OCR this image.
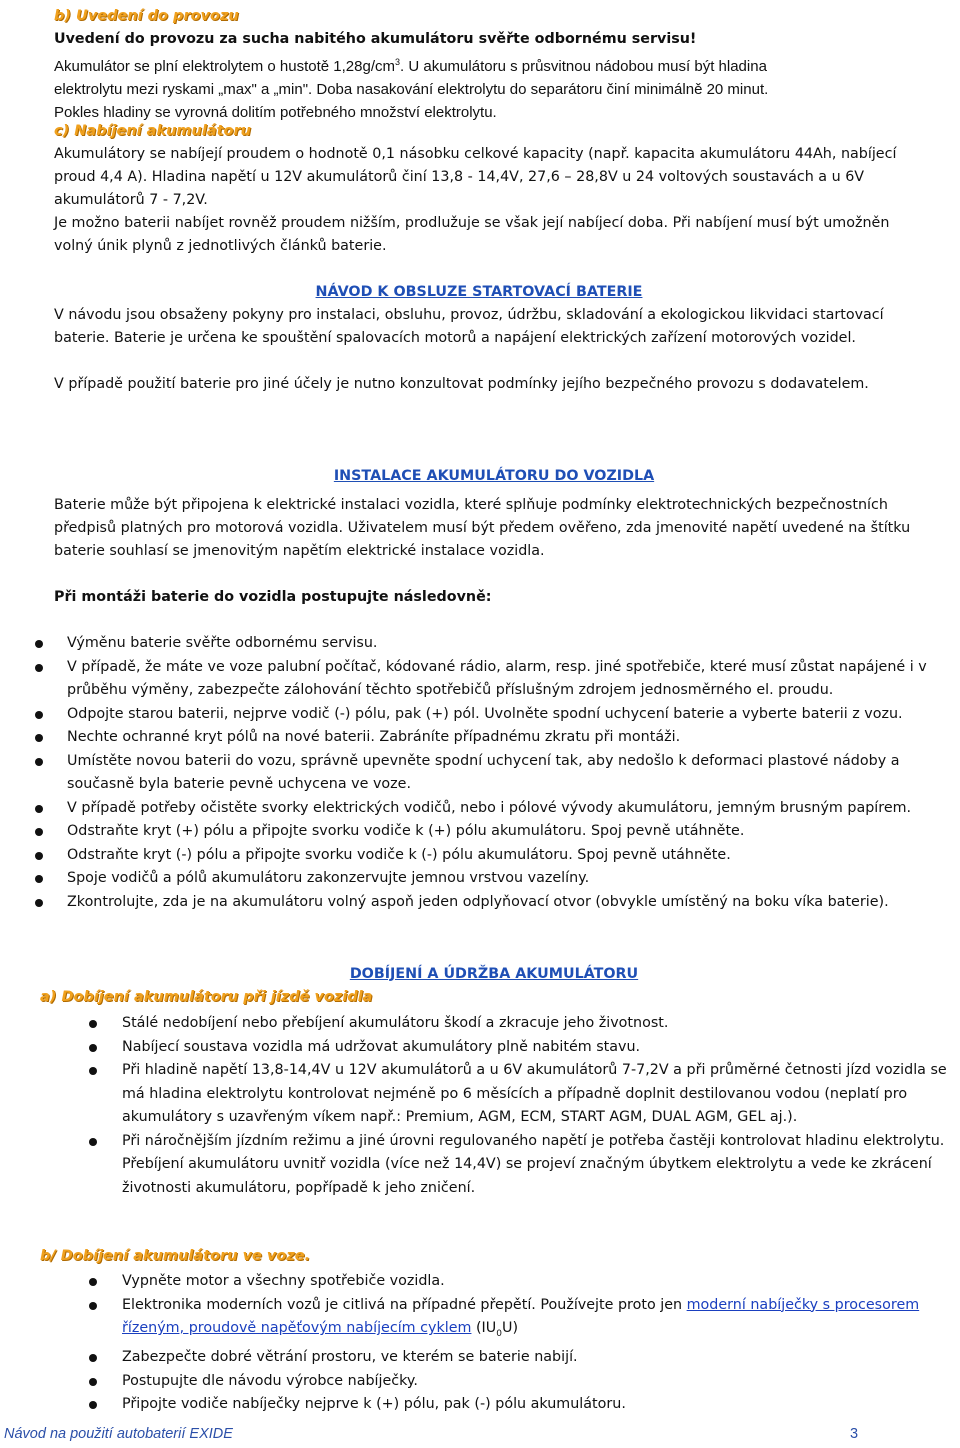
b) Uvedení do provozu

Uvedení do provozu za sucha nabitého akumulátoru svěřte odbornému servisu!

Akumulátor se plní elektrolytem o hustotě $1,28g/cm^3$. U akumulátoru s průsvitnou nádobou musí být hladina

elektrolytu mezi ryskami „max" a „min". Doba nasakování elektrolytu do separátoru činí minimálně 20 minut.

Pokles hladiny se vyrovná dolitím potřebného množství elektrolytu.

c) Nabíjení akumulátoru

Akumulátory se nabíjejí proudem o hodnotě 0,1 násobku celkové kapacity (např. kapacita akumulátoru 44Ah, nabíjecí proud 4,4 A). Hladina napětí u 12V akumulátorů činí 13,8 - 14,4V, 27,6 – 28,8V u 24 voltových soustavách a u 6V akumulátorů 7 - 7,2V.

Je možno baterii nabíjet rovněž proudem nižším, prodlužuje se však její nabíjecí doba. Při nabíjení musí být umožněn volný únik plynů z jednotlivých článků baterie.

NÁVOD K OBSLUZE STARTOVACÍ BATERIE

V návodu jsou obsaženy pokyny pro instalaci, obsluhu, provoz, údržbu, skladování a ekologickou likvidaci startovací baterie. Baterie je určena ke spouštění spalovacích motorů a napájení elektrických zařízení motorových vozidel.

V případě použití baterie pro jiné účely je nutno konzultovat podmínky jejího bezpečného provozu s dodavatelem.

INSTALACE AKUMULÁTORU DO VOZIDLA

Baterie může být připojena k elektrické instalaci vozidla, které splňuje podmínky elektrotechnických bezpečnostních předpisů platných pro motorová vozidla. Uživatelem musí být předem ověřeno, zda jmenovité napětí uvedené na štítku baterie souhlasí se jmenovitým napětím elektrické instalace vozidla.

Při montáži baterie do vozidla postupujte následovně:

Výměnu baterie svěřte odbornému servisu.
V případě, že máte ve voze palubní počítač, kódované rádio, alarm, resp. jiné spotřebiče, které musí zůstat napájené i v průběhu výměny, zabezpečte zálohování těchto spotřebičů příslušným zdrojem jednosměrného el. proudu.
Odpojte starou baterii, nejprve vodič (-) pólu, pak (+) pól. Uvolněte spodní uchycení baterie a vyberte baterii z vozu.
Nechte ochranné kryt pólů na nové baterii. Zabráníte případnému zkratu při montáži.
Umístěte novou baterii do vozu, správně upevněte spodní uchycení tak, aby nedošlo k deformaci plastové nádoby a současně byla baterie pevně uchycena ve voze.
V případě potřeby očistěte svorky elektrických vodičů, nebo i pólové vývody akumulátoru, jemným brusným papírem.
Odstraňte kryt (+) pólu a připojte svorku vodiče k (+) pólu akumulátoru. Spoj pevně utáhněte.
Odstraňte kryt (-) pólu a připojte svorku vodiče k (-) pólu akumulátoru. Spoj pevně utáhněte.
Spoje vodičů a pólů akumulátoru zakonzervujte jemnou vrstvou vazelíny.
Zkontrolujte, zda je na akumulátoru volný aspoň jeden odplyňovací otvor (obvykle umístěný na boku víka baterie).

DOBÍJENÍ A ÚDRŽBA AKUMULÁTORU

a) Dobíjení akumulátoru při jízdě vozidla

Stálé nedobíjení nebo přebíjení akumulátoru škodí a zkracuje jeho životnost.
Nabíjecí soustava vozidla má udržovat akumulátory plně nabitém stavu.
Při hladině napětí 13,8-14,4V u 12V akumulátorů a u 6V akumulátorů 7-7,2V a při průměrné četnosti jízd vozidla se má hladina elektrolytu kontrolovat nejméně po 6 měsících a případně doplnit destilovanou vodou (neplatí pro akumulátory s uzavřeným víkem např.: Premium, AGM, ECM, START AGM, DUAL AGM, GEL aj.).
Při náročnějším jízdním režimu a jiné úrovni regulovaného napětí je potřeba častěji kontrolovat hladinu elektrolytu. Přebíjení akumulátoru uvnitř vozidla (více než 14,4V) se projeví značným úbytkem elektrolytu a vede ke zkrácení životnosti akumulátoru, popřípadě k jeho zničení.

b/ Dobíjení akumulátoru ve voze.

Vypněte motor a všechny spotřebiče vozidla.
Elektronika moderních vozů je citlivá na případné přepětí. Používejte proto jen moderní nabíječky s procesorem řízeným, proudově napěťovým nabíjecím cyklem $(IU_0U)$
Zabezpečte dobré větrání prostoru, ve kterém se baterie nabijí.
Postupujte dle návodu výrobce nabíječky.
Připojte vodiče nabíječky nejprve k (+) pólu, pak (-) pólu akumulátoru.
Návod na použití autobaterií EXIDE	3
